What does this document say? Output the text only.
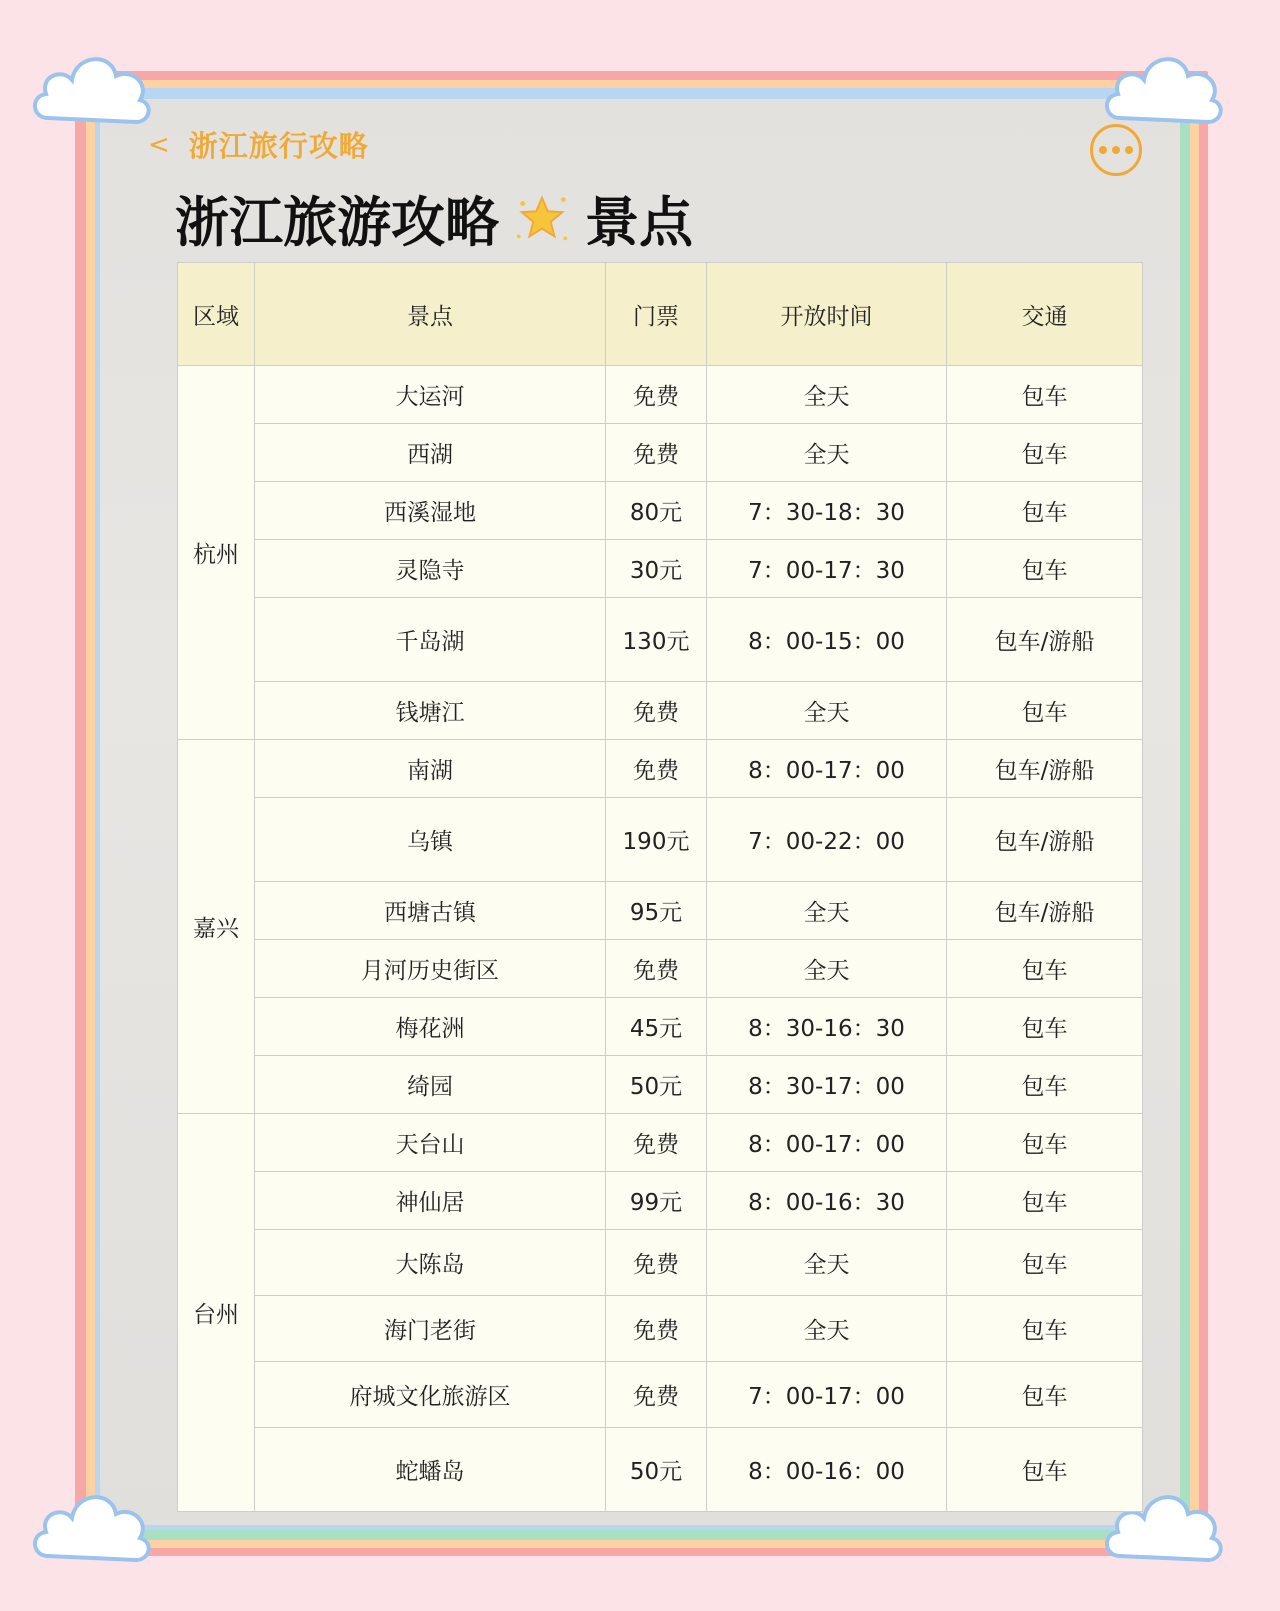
< 浙江旅行攻略
浙江旅游攻略 景点
区域	景点	门票	开放时间	交通
杭州	大运河	免费	全天	包车
	西湖	免费	全天	包车
	西溪湿地	80元	7：30-18：30	包车
	灵隐寺	30元	7：00-17：30	包车
	千岛湖	130元	8：00-15：00	包车/游船
	钱塘江	免费	全天	包车
嘉兴	南湖	免费	8：00-17：00	包车/游船
	乌镇	190元	7：00-22：00	包车/游船
	西塘古镇	95元	全天	包车/游船
	月河历史街区	免费	全天	包车
	梅花洲	45元	8：30-16：30	包车
	绮园	50元	8：30-17：00	包车
台州	天台山	免费	8：00-17：00	包车
	神仙居	99元	8：00-16：30	包车
	大陈岛	免费	全天	包车
	海门老街	免费	全天	包车
	府城文化旅游区	免费	7：00-17：00	包车
	蛇蟠岛	50元	8：00-16：00	包车
